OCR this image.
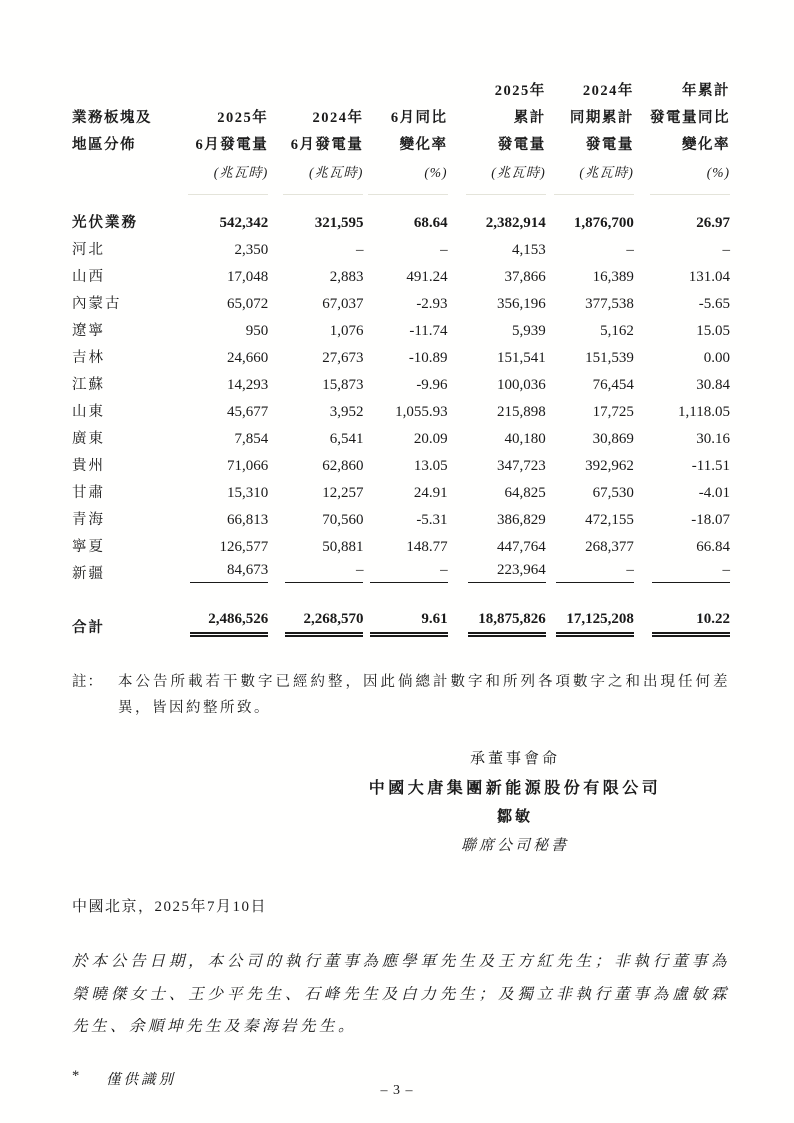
業務板塊及
地區分佈

2025年
6月發電量
(兆瓦時)

2024年
6月發電量
(兆瓦時)

6月同比
變化率
(%)

2025年
累計
發電量
(兆瓦時)

2024年
同期累計
發電量
(兆瓦時)

年累計
發電量同比
變化率
(%)

光伏業務	542,342	321,595	68.64	2,382,914	1,876,700	26.97
河北	2,350	–	–	4,153	–	–
山西	17,048	2,883	491.24	37,866	16,389	131.04
內蒙古	65,072	67,037	-2.93	356,196	377,538	-5.65
遼寧	950	1,076	-11.74	5,939	5,162	15.05
吉林	24,660	27,673	-10.89	151,541	151,539	0.00
江蘇	14,293	15,873	-9.96	100,036	76,454	30.84
山東	45,677	3,952	1,055.93	215,898	17,725	1,118.05
廣東	7,854	6,541	20.09	40,180	30,869	30.16
貴州	71,066	62,860	13.05	347,723	392,962	-11.51
甘肅	15,310	12,257	24.91	64,825	67,530	-4.01
青海	66,813	70,560	-5.31	386,829	472,155	-18.07
寧夏	126,577	50,881	148.77	447,764	268,377	66.84
新疆	84,673	–	–	223,964	–	–
合計	2,486,526	2,268,570	9.61	18,875,826	17,125,208	10.22
註：	本公告所載若干數字已經約整，因此倘總計數字和所列各項數字之和出現任何差異，皆因約整所致。
承董事會命
中國大唐集團新能源股份有限公司
鄒敏
聯席公司秘書
中國北京，2025年7月10日
於本公告日期，本公司的執行董事為應學軍先生及王方紅先生；非執行董事為榮曉傑女士、王少平先生、石峰先生及白力先生；及獨立非執行董事為盧敏霖先生、余順坤先生及秦海岩先生。
*	僅供識別
– 3 –
